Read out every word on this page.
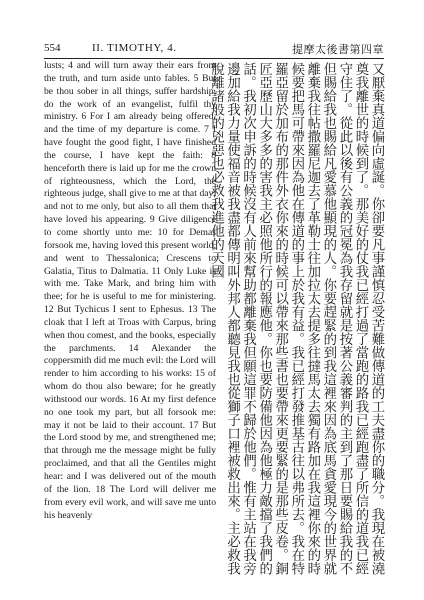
554	II. TIMOTHY, 4.	提摩太後書第四章

lusts; 4 and will turn away their ears from the truth, and turn aside unto fables. 5 But be thou sober in all things, suffer hardship, do the work of an evangelist, fulfil thy ministry. 6 For I am already being offered, and the time of my departure is come. 7 I have fought the good fight, I have finished the course, I have kept the faith: 8 henceforth there is laid up for me the crown of righteousness, which the Lord, the righteous judge, shall give to me at that day; and not to me only, but also to all them that have loved his appearing. 9 Give diligence to come shortly unto me: 10 for Demas forsook me, having loved this present world, and went to Thessalonica; Crescens to Galatia, Titus to Dalmatia. 11 Only Luke is with me. Take Mark, and bring him with thee; for he is useful to me for ministering. 12 But Tychicus I sent to Ephesus. 13 The cloak that I left at Troas with Carpus, bring when thou comest, and the books, especially the parchments. 14 Alexander the coppersmith did me much evil: the Lord will render to him according to his works: 15 of whom do thou also beware; for he greatly withstood our words. 16 At my first defence no one took my part, but all forsook me: may it not be laid to their account. 17 But the Lord stood by me, and strengthened me; that through me the message might be fully proclaimed, and that all the Gentiles might hear: and I was delivered out of the mouth of the lion. 18 The Lord will deliver me from every evil work, and will save me unto his heavenly	又厭棄真道偏向虛誕。你卻要凡事謹慎忍受苦難做傳道的工夫盡你的職分。我現在被澆奠我離世的時候到了。那美好的仗我已經打過了當跑的路我已經跑盡了所信的道我已經守住了。從此以後有公義的冠冕為我存留就是按著公義審判的主到了那日要賜給我的不但賜給我也賜給凡愛慕他顯現的人。你要趕緊的到我這裡來因為底馬貪愛現今的世界就離棄我往帖撒羅尼迦去了革勒士往加拉太去提多往撻馬太去獨有路加在我這裡你來的時候要把馬可帶來因為他在傳道的事上於我有益。我已經打發推基古往以弗所去。我在特羅亞留於加布的那件外衣你來的時候可以帶來那些書也要帶來更要緊的是那些皮卷。銅匠亞歷山大多多的害我主必照他所行的報應他。你也要防備他因為他極力敵擋了我們的話。我初次申訴的時候沒有人前來幫助都離棄我但願這罪不歸於他們。惟有主站在我旁邊加給我力量使福音被我盡都傳明叫外邦人都聽見我也從獅子口裡被救出來。主必救我脫離諸般的兇惡也必救我進他的天國
